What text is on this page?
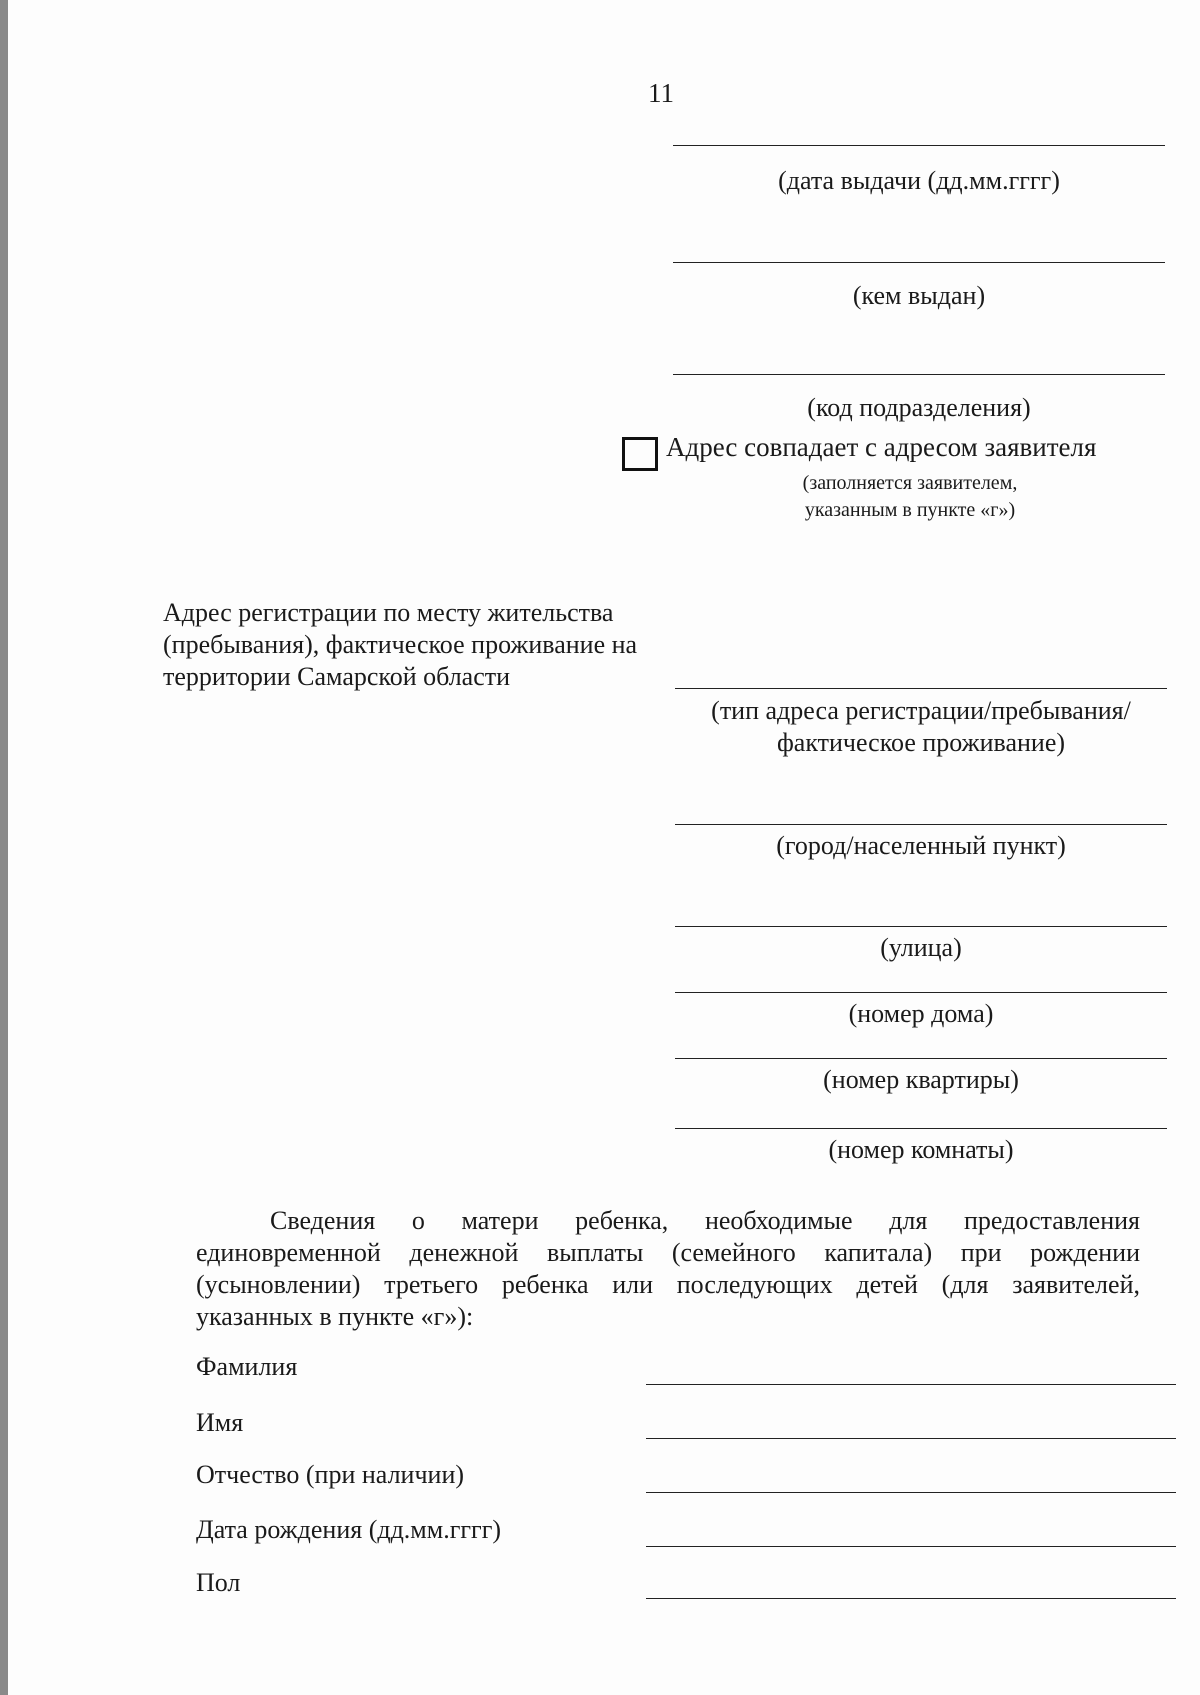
11
(дата выдачи (дд.мм.гггг)
(кем выдан)
(код подразделения)
Адрес совпадает с адресом заявителя
(заполняется заявителем,
указанным в пункте «г»)
Адрес регистрации по месту жительства (пребывания), фактическое проживание на территории Самарской области
(тип адреса регистрации/пребывания/фактическое проживание)
(город/населенный пункт)
(улица)
(номер дома)
(номер квартиры)
(номер комнаты)
Сведения о матери ребенка, необходимые для предоставления единовременной денежной выплаты (семейного капитала) при рождении (усыновлении) третьего ребенка или последующих детей (для заявителей, указанных в пункте «г»):
Фамилия
Имя
Отчество (при наличии)
Дата рождения (дд.мм.гггг)
Пол
